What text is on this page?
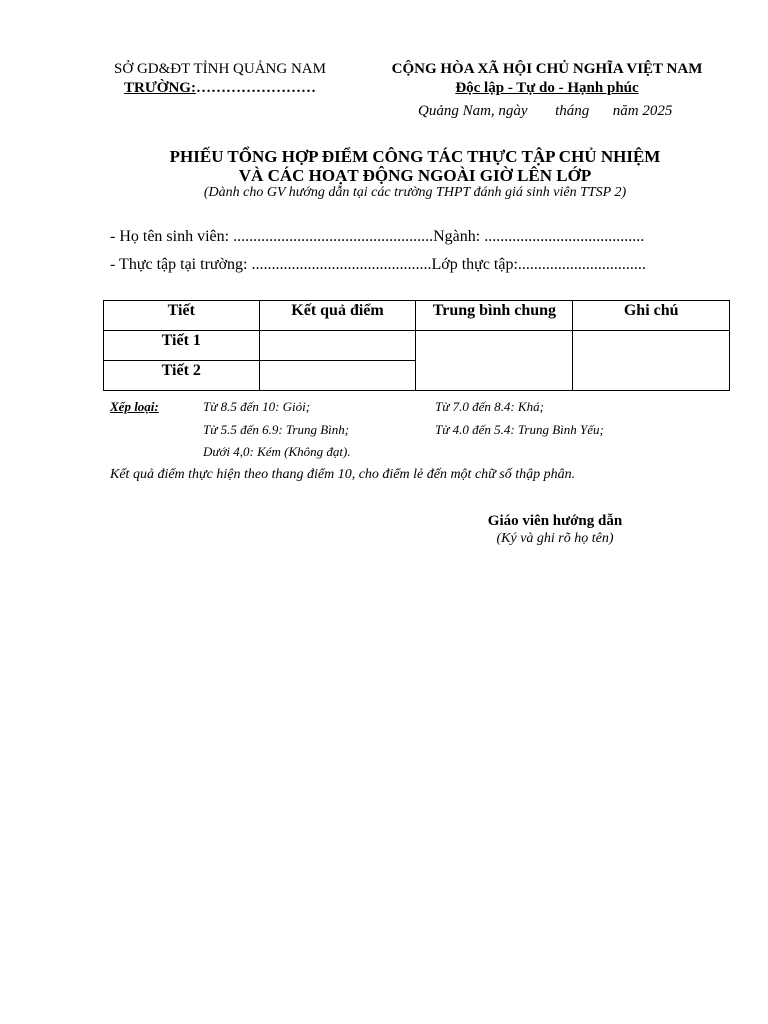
SỞ GD&ĐT TỈNH QUẢNG NAM
TRƯỜNG:……………………
CỘNG HÒA XÃ HỘI CHỦ NGHĨA VIỆT NAM
Độc lập - Tự do - Hạnh phúc
Quảng Nam, ngày tháng năm 2025
PHIẾU TỔNG HỢP ĐIỂM CÔNG TÁC THỰC TẬP CHỦ NHIỆM
VÀ CÁC HOẠT ĐỘNG NGOÀI GIỜ LÊN LỚP
(Dành cho GV hướng dẫn tại các trường THPT đánh giá sinh viên TTSP 2)
- Họ tên sinh viên: ..................................................Ngành: ........................................
- Thực tập tại trường: .............................................Lớp thực tập:................................
Tiết	Kết quả điểm	Trung bình chung	Ghi chú
Tiết 1			
Tiết 2			
Xếp loại:	Từ 8.5 đến 10: Giỏi;	Từ 7.0 đến 8.4: Khá;
Từ 5.5 đến 6.9: Trung Bình;	Từ 4.0 đến 5.4: Trung Bình Yếu;
Dưới 4,0: Kém (Không đạt).
Kết quả điểm thực hiện theo thang điểm 10, cho điểm lẻ đến một chữ số thập phân.
Giáo viên hướng dẫn
(Ký và ghi rõ họ tên)
